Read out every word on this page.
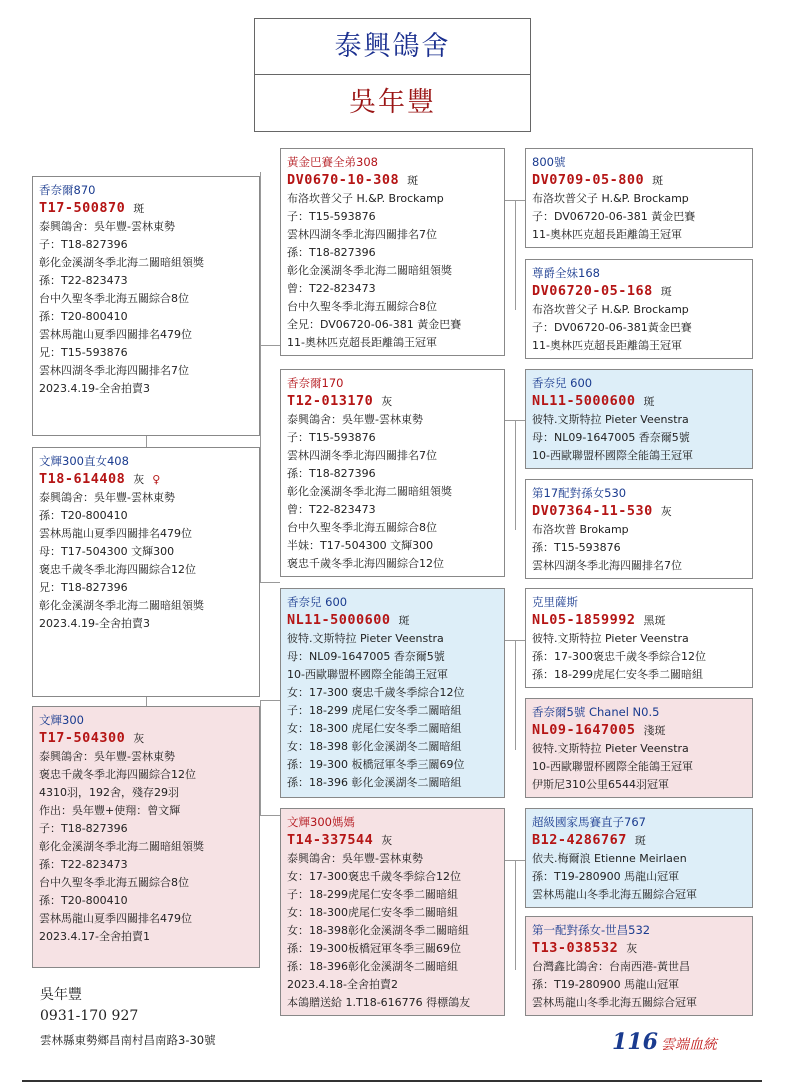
泰興鴿舍
吳年豐
香奈爾870
T17-500870 斑
泰興鴿舍：吳年豐-雲林東勢
子：T18-827396
彰化金溪湖冬季北海二關暗組領獎
孫：T22-823473
台中久聖冬季北海五關綜合8位
孫：T20-800410
雲林馬龍山夏季四關排名479位
兄：T15-593876
雲林四湖冬季北海四關排名7位
2023.4.19-全舍拍賣3
文輝300直女408
T18-614408 灰 ♀
泰興鴿舍：吳年豐-雲林東勢
孫：T20-800410
雲林馬龍山夏季四關排名479位
母：T17-504300 文輝300
褒忠千歲冬季北海四關綜合12位
兄：T18-827396
彰化金溪湖冬季北海二關暗組領獎
2023.4.19-全舍拍賣3
文輝300
T17-504300 灰
泰興鴿舍：吳年豐-雲林東勢
褒忠千歲冬季北海四關綜合12位
4310羽，192舍，殘存29羽
作出：吳年豐+使翔：曾文輝
子：T18-827396
彰化金溪湖冬季北海二關暗組領獎
孫：T22-823473
台中久聖冬季北海五關綜合8位
孫：T20-800410
雲林馬龍山夏季四關排名479位
2023.4.17-全舍拍賣1
黃金巴賽全弟308
DV0670-10-308 斑
布洛坎普父子 H.&P. Brockamp
子：T15-593876
雲林四湖冬季北海四關排名7位
孫：T18-827396
彰化金溪湖冬季北海二關暗組領獎
曾：T22-823473
台中久聖冬季北海五關綜合8位
全兄：DV06720-06-381 黃金巴賽
11-奧林匹克超長距離鴿王冠軍
香奈爾170
T12-013170 灰
泰興鴿舍：吳年豐-雲林東勢
子：T15-593876
雲林四湖冬季北海四關排名7位
孫：T18-827396
彰化金溪湖冬季北海二關暗組領獎
曾：T22-823473
台中久聖冬季北海五關綜合8位
半妹：T17-504300 文輝300
褒忠千歲冬季北海四關綜合12位
香奈兒 600
NL11-5000600 斑
彼特.文斯特拉 Pieter Veenstra
母：NL09-1647005 香奈爾5號
10-西歐聯盟杯國際全能鴿王冠軍
女：17-300 褒忠千歲冬季綜合12位
子：18-299 虎尾仁安冬季二關暗組
女：18-300 虎尾仁安冬季二關暗組
女：18-398 彰化金溪湖冬二關暗組
孫：19-300 板橋冠軍冬季三關69位
孫：18-396 彰化金溪湖冬二關暗組
文輝300媽媽
T14-337544 灰
泰興鴿舍：吳年豐-雲林東勢
女：17-300褒忠千歲冬季綜合12位
子：18-299虎尾仁安冬季二關暗組
女：18-300虎尾仁安冬季二關暗組
女：18-398彰化金溪湖冬季二關暗組
孫：19-300板橋冠軍冬季三關69位
孫：18-396彰化金溪湖冬二關暗組
2023.4.18-全舍拍賣2
本鴿贈送給 1.T18-616776 得標鴿友
800號
DV0709-05-800 斑
布洛坎普父子 H.&P. Brockamp
子：DV06720-06-381 黃金巴賽
11-奧林匹克超長距離鴿王冠軍
尊爵全妹168
DV06720-05-168 斑
布洛坎普父子 H.&P. Brockamp
子：DV06720-06-381黃金巴賽
11-奧林匹克超長距離鴿王冠軍
香奈兒 600
NL11-5000600 斑
彼特.文斯特拉 Pieter Veenstra
母：NL09-1647005 香奈爾5號
10-西歐聯盟杯國際全能鴿王冠軍
第17配對孫女530
DV07364-11-530 灰
布洛坎普 Brokamp
孫：T15-593876
雲林四湖冬季北海四關排名7位
克里薩斯
NL05-1859992 黑斑
彼特.文斯特拉 Pieter Veenstra
孫：17-300褒忠千歲冬季綜合12位
孫：18-299虎尾仁安冬季二關暗組
香奈爾5號 Chanel N0.5
NL09-1647005 淺斑
彼特.文斯特拉 Pieter Veenstra
10-西歐聯盟杯國際全能鴿王冠軍
伊斯尼310公里6544羽冠軍
超級國家馬賽直子767
B12-4286767 斑
依夫.梅爾浪 Etienne Meirlaen
孫：T19-280900 馬龍山冠軍
雲林馬龍山冬季北海五關綜合冠軍
第一配對孫女-世昌532
T13-038532 灰
台灣鑫比鴿舍：台南西港-黃世昌
孫：T19-280900 馬龍山冠軍
雲林馬龍山冬季北海五關綜合冠軍
吳年豐
0931-170 927
雲林縣東勢鄉昌南村昌南路3-30號	116 雲端血統
